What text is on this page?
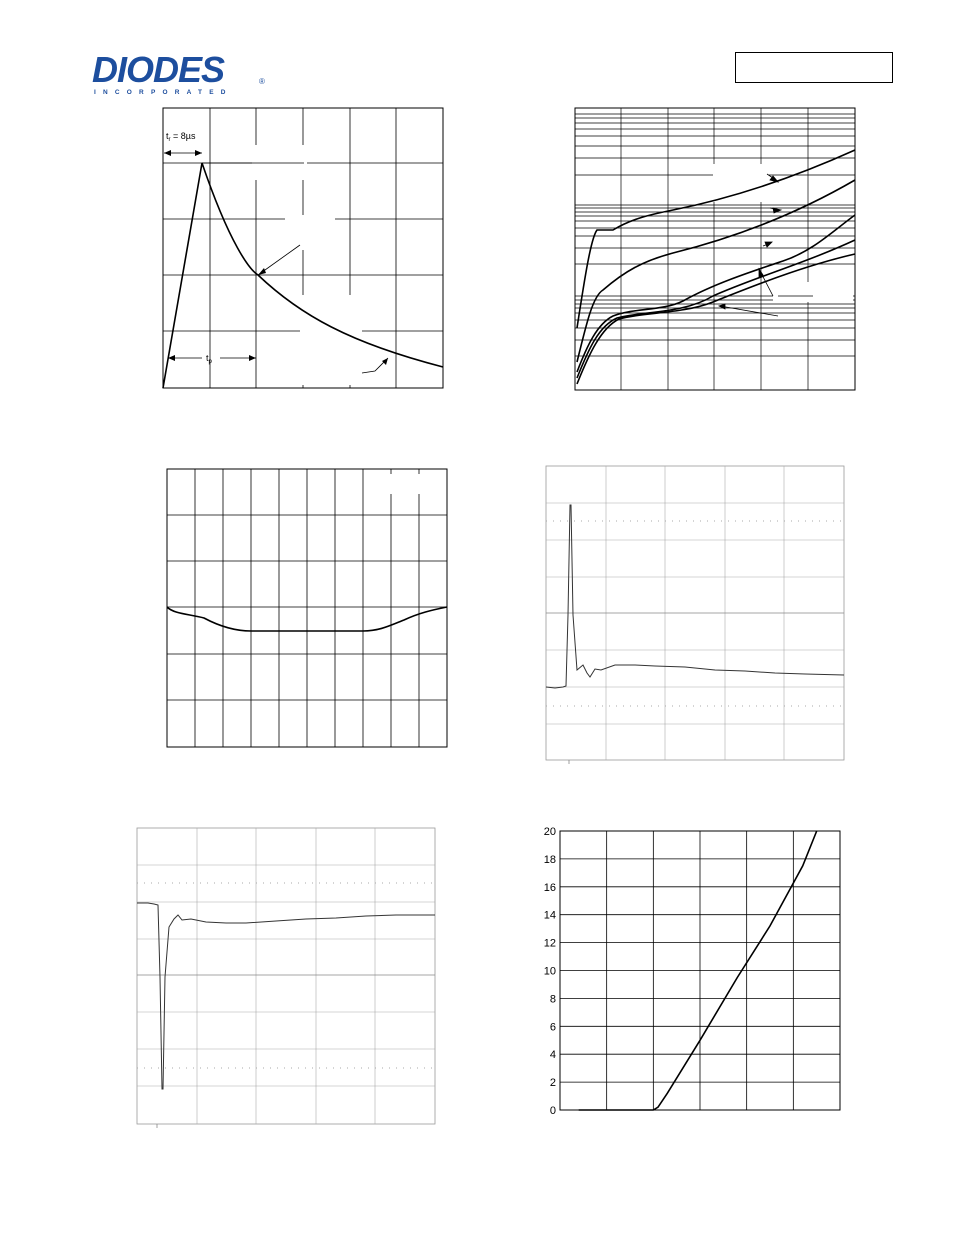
DIODES
INCORPORATED
®
$t_r = 8\mu s$
$t_p$
0
2
4
6
8
10
12
14
16
18
20
